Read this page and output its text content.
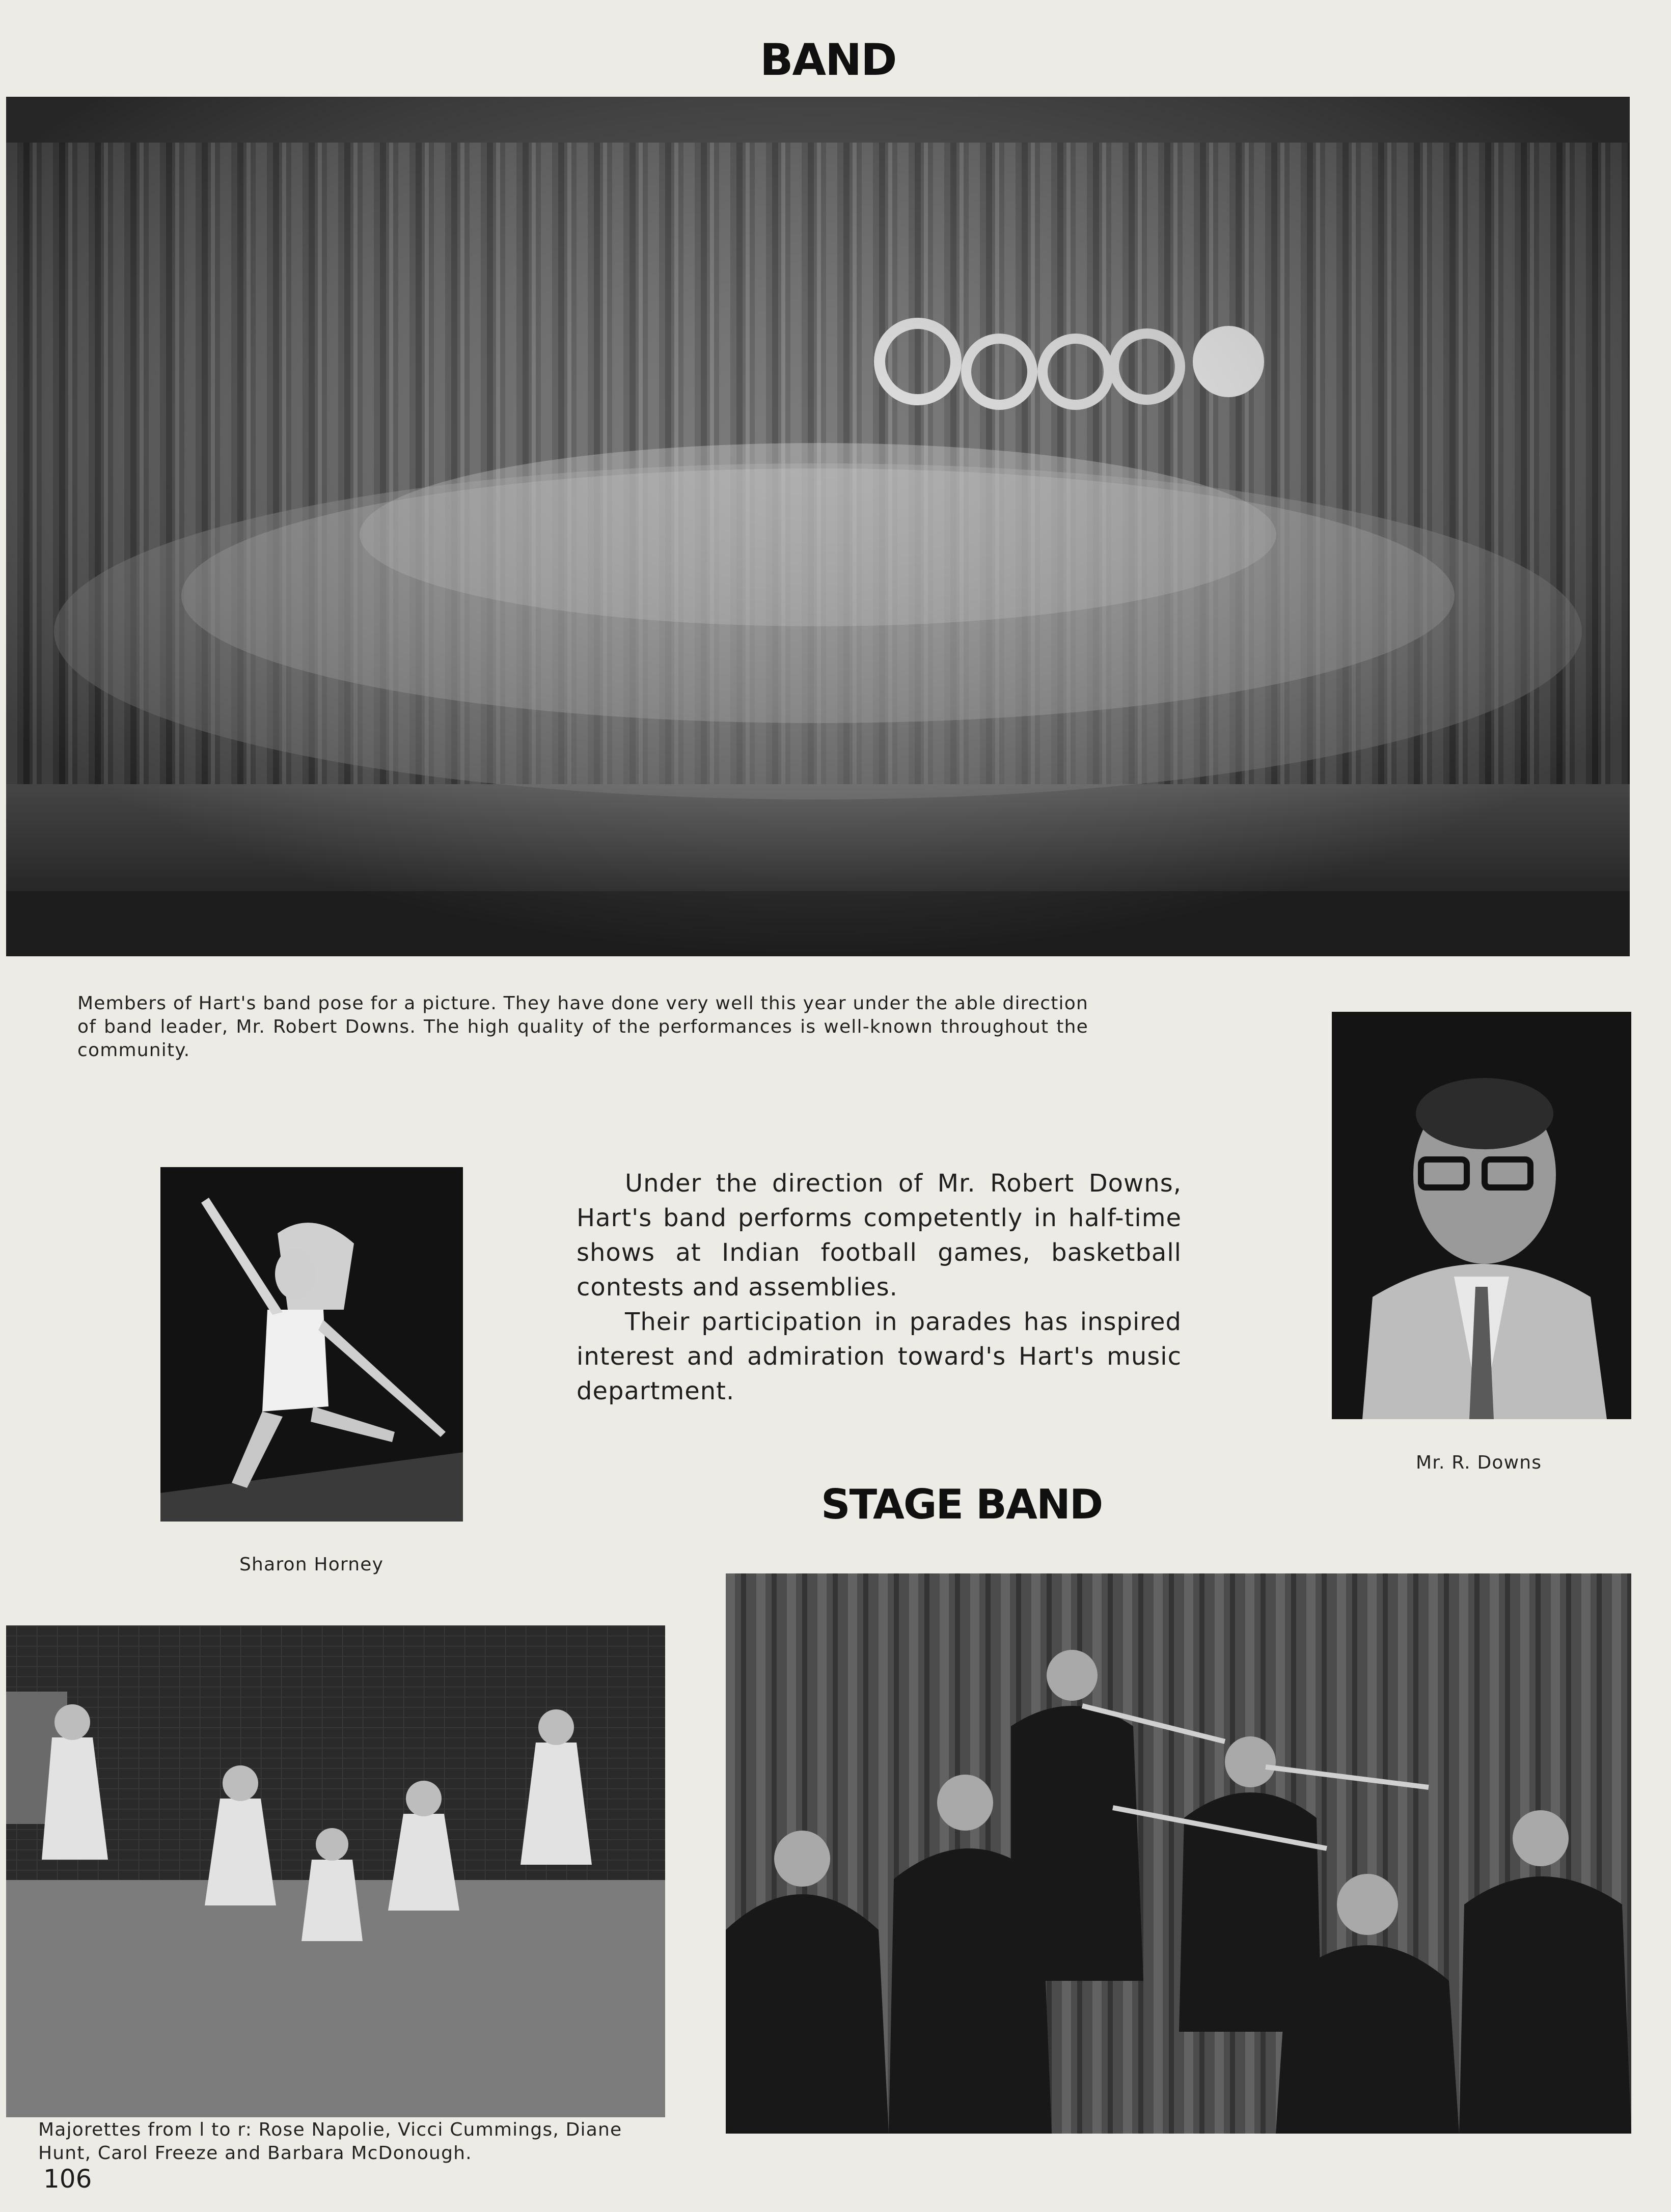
BAND
Members of Hart's band pose for a picture. They have done very well this year under the able direction of band leader, Mr. Robert Downs. The high quality of the performances is well-known throughout the community.
Mr. R. Downs
Sharon Horney

Under the direction of Mr. Robert Downs, Hart's band performs competently in half-time shows at Indian football games, basketball contests and assemblies.

Their participation in parades has inspired interest and admiration toward's Hart's music department.

STAGE BAND
Majorettes from l to r: Rose Napolie, Vicci Cummings, Diane Hunt, Carol Freeze and Barbara McDonough.
106
